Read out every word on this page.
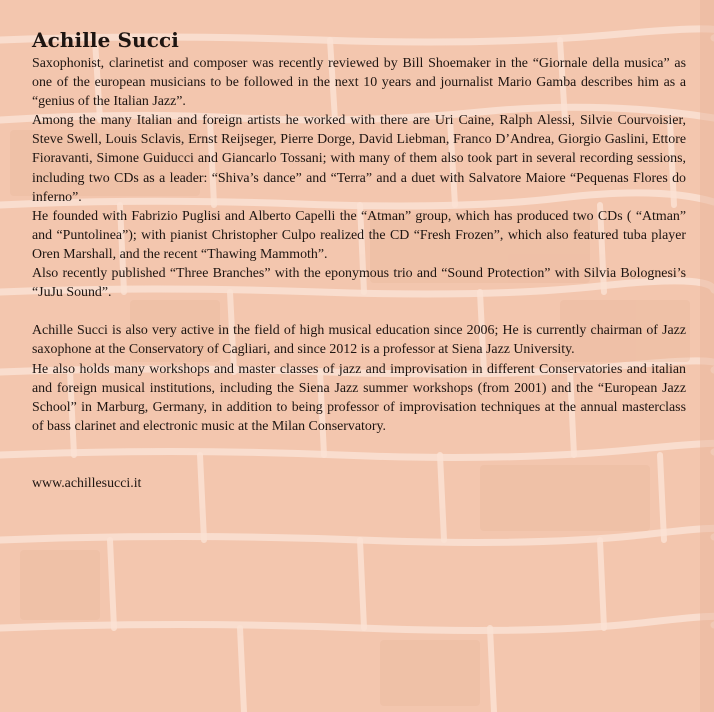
Achille Succi

Saxophonist, clarinetist and composer was recently reviewed by Bill Shoemaker in the “Giornale della musica” as one of the european musicians to be followed in the next 10 years and journalist Mario Gamba describes him as a “genius of the Italian Jazz”.

Among the many Italian and foreign artists he worked with there are Uri Caine, Ralph Alessi, Silvie Courvoisier, Steve Swell, Louis Sclavis, Ernst Reijseger, Pierre Dorge, David Liebman, Franco D’Andrea, Giorgio Gaslini, Ettore Fioravanti, Simone Guiducci and Giancarlo Tossani; with many of them also took part in several recording sessions, including two CDs as a leader: “Shiva’s dance” and “Terra” and a duet with Salvatore Maiore “Pequenas Flores do inferno”.

He founded with Fabrizio Puglisi and Alberto Capelli the “Atman” group, which has produced two CDs ( “Atman” and “Puntolinea”); with pianist Christopher Culpo realized the CD “Fresh Frozen”, which also featured tuba player Oren Marshall, and the recent “Thawing Mammoth”.

Also recently published “Three Branches” with the eponymous trio and “Sound Protection” with Silvia Bolognesi’s “JuJu Sound”.

Achille Succi is also very active in the field of high musical education since 2006; He is currently chairman of Jazz saxophone at the Conservatory of Cagliari, and since 2012 is a professor at Siena Jazz University.

He also holds many workshops and master classes of jazz and improvisation in different Conservatories and italian and foreign musical institutions, including the Siena Jazz summer workshops (from 2001) and the “European Jazz School” in Marburg, Germany, in addition to being professor of improvisation techniques at the annual masterclass of bass clarinet and electronic music at the Milan Conservatory.

www.achillesucci.it
